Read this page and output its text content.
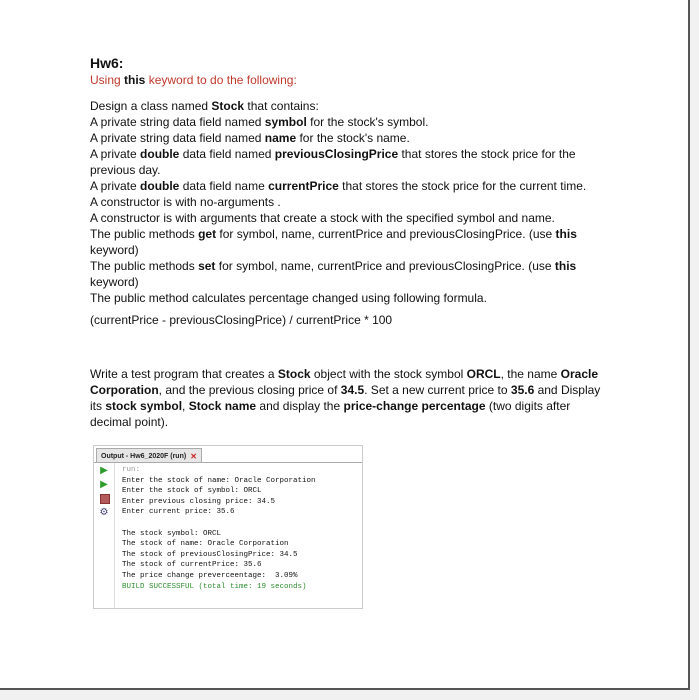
Hw6:
Using this keyword to do the following:

Design a class named Stock that contains:

A private string data field named symbol for the stock's symbol.

A private string data field named name for the stock's name.

A private double data field named previousClosingPrice that stores the stock price for the previous day.

A private double data field name currentPrice that stores the stock price for the current time.

A constructor is with no-arguments .

A constructor is with arguments that create a stock with the specified symbol and name.

The public methods get for symbol, name, currentPrice and previousClosingPrice. (use this keyword)

The public methods set for symbol, name, currentPrice and previousClosingPrice. (use this keyword)

The public method calculates percentage changed using following formula.

(currentPrice - previousClosingPrice) / currentPrice * 100

Write a test program that creates a Stock object with the stock symbol ORCL, the name Oracle Corporation, and the previous closing price of 34.5. Set a new current price to 35.6 and Display its stock symbol, Stock name and display the price-change percentage (two digits after decimal point).

Output - Hw6_2020F (run) ✕
▶
▶
⚙
run:
Enter the stock of name: Oracle Corporation
Enter the stock of symbol: ORCL
Enter previous closing price: 34.5
Enter current price: 35.6
The stock symbol: ORCL
The stock of name: Oracle Corporation
The stock of previousClosingPrice: 34.5
The stock of currentPrice: 35.6
The price change preverceentage:  3.09%
BUILD SUCCESSFUL (total time: 19 seconds)
